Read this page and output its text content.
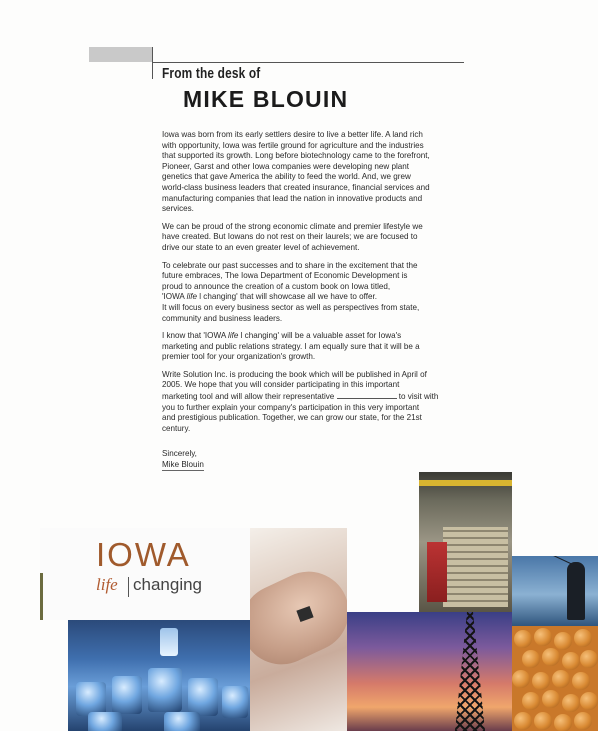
From the desk of
MIKE BLOUIN

Iowa was born from its early settlers desire to live a better life. A land rich
with opportunity, Iowa was fertile ground for agriculture and the industries
that supported its growth. Long before biotechnology came to the forefront,
Pioneer, Garst and other Iowa companies were developing new plant
genetics that gave America the ability to feed the world. And, we grew
world-class business leaders that created insurance, financial services and
manufacturing companies that lead the nation in innovative products and
services.

We can be proud of the strong economic climate and premier lifestyle we
have created. But Iowans do not rest on their laurels; we are focused to
drive our state to an even greater level of achievement.

To celebrate our past successes and to share in the excitement that the
future embraces, The Iowa Department of Economic Development is
proud to announce the creation of a custom book on Iowa titled,
'IOWA life l changing' that will showcase all we have to offer.
It will focus on every business sector as well as perspectives from state,
community and business leaders.

I know that 'IOWA life l changing' will be a valuable asset for Iowa's
marketing and public relations strategy. I am equally sure that it will be a
premier tool for your organization's growth.

Write Solution Inc. is producing the book which will be published in April of
2005. We hope that you will consider participating in this important
marketing tool and will allow their representative	to visit with
you to further explain your company's participation in this very important
and prestigious publication. Together, we can grow our state, for the 21st
century.

Sincerely,
Mike Blouin
IOWA
life changing
